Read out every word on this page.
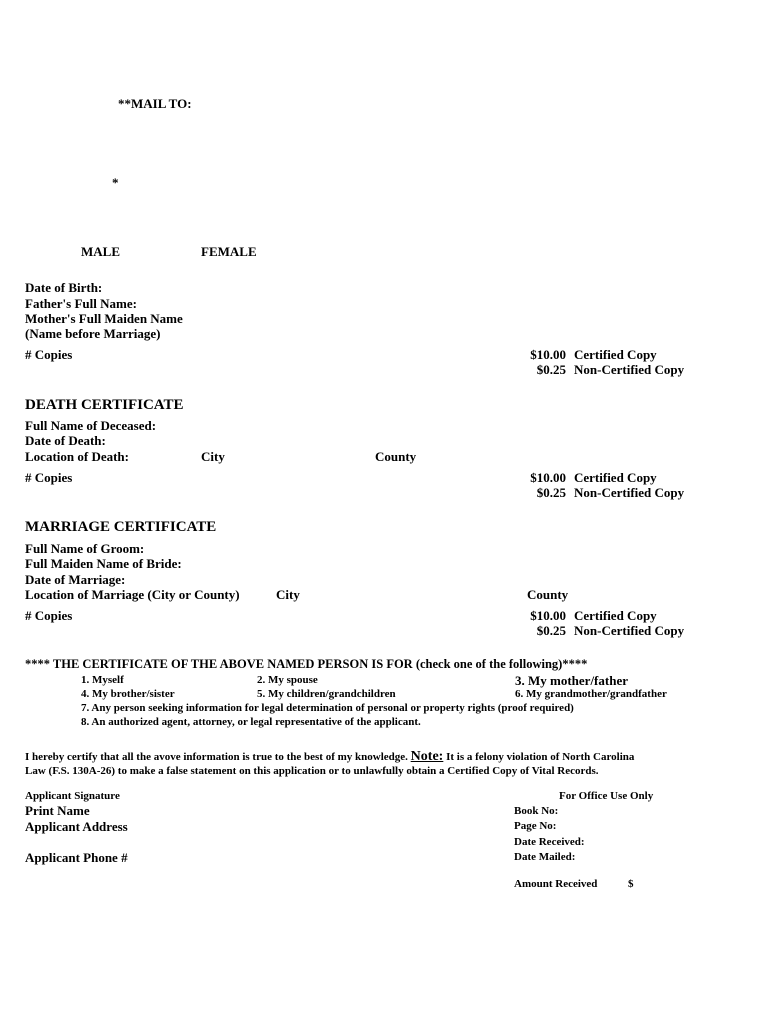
**MAIL TO:
*
MALE	FEMALE
Date of Birth:
Father's Full Name:
Mother's Full Maiden Name
(Name before Marriage)
# Copies	$10.00 Certified Copy
$0.25 Non-Certified Copy
DEATH CERTIFICATE
Full Name of Deceased:
Date of Death:
Location of Death:	City	County
# Copies	$10.00 Certified Copy
$0.25 Non-Certified Copy
MARRIAGE CERTIFICATE
Full Name of Groom:
Full Maiden Name of Bride:
Date of Marriage:
Location of Marriage (City or County)	City	County
# Copies	$10.00 Certified Copy
$0.25 Non-Certified Copy
**** THE CERTIFICATE OF THE ABOVE NAMED PERSON IS FOR (check one of the following)****
1. Myself	2. My spouse	3. My mother/father
4. My brother/sister	5. My children/grandchildren	6. My grandmother/grandfather
7. Any person seeking information for legal determination of personal or property rights (proof required)
8. An authorized agent, attorney, or legal representative of the applicant.
I hereby certify that all the avove information is true to the best of my knowledge. Note: It is a felony violation of North Carolina
Law (F.S. 130A-26) to make a false statement on this application or to unlawfully obtain a Certified Copy of Vital Records.
Applicant Signature
Print Name
Applicant Address
Applicant Phone #
For Office Use Only
Book No:
Page No:
Date Received:
Date Mailed:
Amount Received	$
